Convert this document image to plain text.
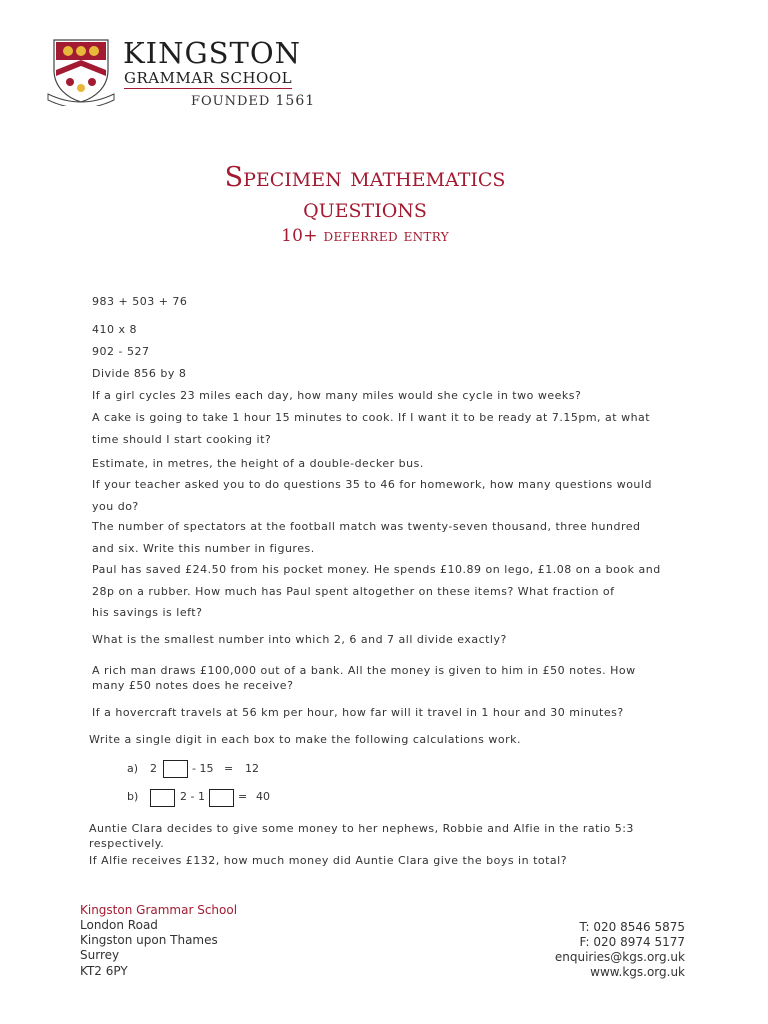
KINGSTON
GRAMMAR SCHOOL
FOUNDED 1561
Specimen mathematics
questions
10+ deferred entry
983 + 503 + 76
410 x 8
902 - 527
Divide 856 by 8
If a girl cycles 23 miles each day, how many miles would she cycle in two weeks?
A cake is going to take 1 hour 15 minutes to cook. If I want it to be ready at 7.15pm, at what
time should I start cooking it?
Estimate, in metres, the height of a double-decker bus.
If your teacher asked you to do questions 35 to 46 for homework, how many questions would
you do?
The number of spectators at the football match was twenty-seven thousand, three hundred
and six. Write this number in figures.
Paul has saved £24.50 from his pocket money. He spends £10.89 on lego, £1.08 on a book and
28p on a rubber. How much has Paul spent altogether on these items? What fraction of
his savings is left?
What is the smallest number into which 2, 6 and 7 all divide exactly?
A rich man draws £100,000 out of a bank. All the money is given to him in £50 notes. How
many £50 notes does he receive?
If a hovercraft travels at 56 km per hour, how far will it travel in 1 hour and 30 minutes?
Write a single digit in each box to make the following calculations work.
a) 2	- 15 = 12
b)	2 - 1	= 40
Auntie Clara decides to give some money to her nephews, Robbie and Alfie in the ratio 5:3
respectively.
If Alfie receives £132, how much money did Auntie Clara give the boys in total?
Kingston Grammar School
London Road
Kingston upon Thames
Surrey
KT2 6PY
T: 020 8546 5875
F: 020 8974 5177
enquiries@kgs.org.uk
www.kgs.org.uk
